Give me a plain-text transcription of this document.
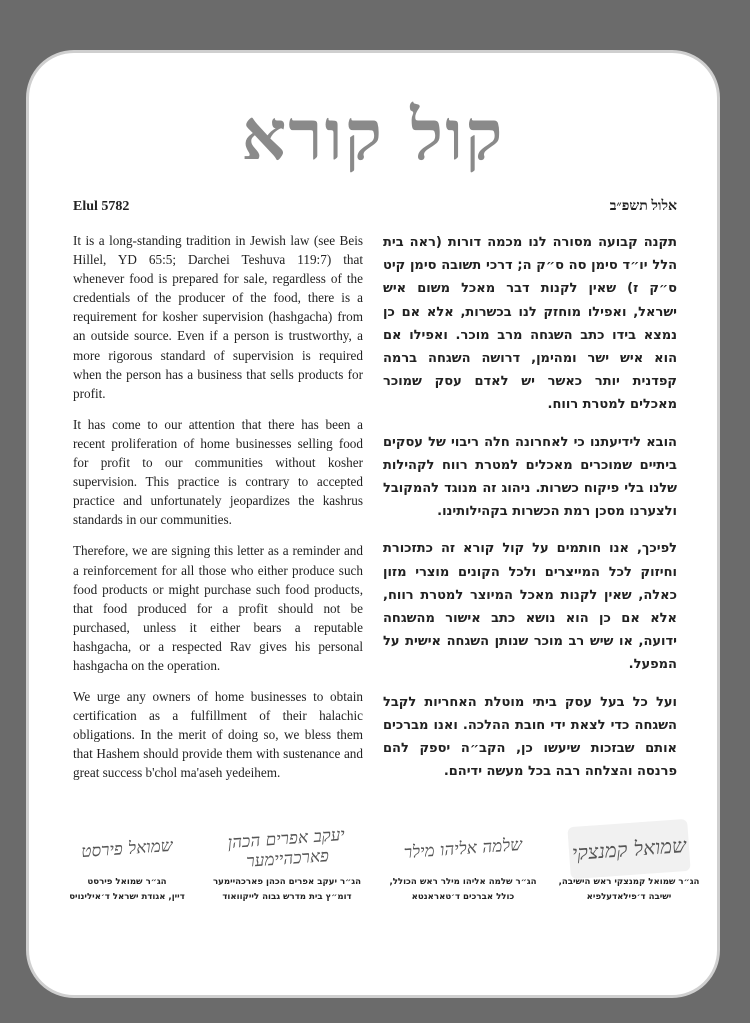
קול קורא
Elul 5782	אלול תשפ״ב

It is a long-standing tradition in Jewish law (see Beis Hillel, YD 65:5; Darchei Teshuva 119:7) that whenever food is prepared for sale, regardless of the credentials of the producer of the food, there is a requirement for kosher supervision (hashgacha) from an outside source. Even if a person is trustworthy, a more rigorous standard of supervision is required when the person has a business that sells products for profit.

It has come to our attention that there has been a recent proliferation of home businesses selling food for profit to our communities without kosher supervision. This practice is contrary to accepted practice and unfortunately jeopardizes the kashrus standards in our communities.

Therefore, we are signing this letter as a reminder and a reinforcement for all those who either produce such food products or might purchase such food products, that food produced for a profit should not be purchased, unless it either bears a reputable hashgacha, or a respected Rav gives his personal hashgacha on the operation.

We urge any owners of home businesses to obtain certification as a fulfillment of their halachic obligations. In the merit of doing so, we bless them that Hashem should provide them with sustenance and great success b'chol ma'aseh yedeihem.

תקנה קבועה מסורה לנו מכמה דורות (ראה בית הלל יו״ד סימן סה ס״ק ה; דרכי תשובה סימן קיט ס״ק ז) שאין לקנות דבר מאכל משום איש ישראל, ואפילו מוחזק לנו בכשרות, אלא אם כן נמצא בידו כתב השגחה מרב מוכר. ואפילו אם הוא איש ישר ומהימן, דרושה השגחה ברמה קפדנית יותר כאשר יש לאדם עסק שמוכר מאכלים למטרת רווח.

הובא לידיעתנו כי לאחרונה חלה ריבוי של עסקים ביתיים שמוכרים מאכלים למטרת רווח לקהילות שלנו בלי פיקוח כשרות. ניהוג זה מנוגד להמקובל ולצערנו מסכן רמת הכשרות בקהילותינו.

לפיכך, אנו חותמים על קול קורא זה כתזכורת וחיזוק לכל המייצרים ולכל הקונים מוצרי מזון כאלה, שאין לקנות מאכל המיוצר למטרת רווח, אלא אם כן הוא נושא כתב אישור מהשגחה ידועה, או שיש רב מוכר שנותן השגחה אישית על המפעל.

ועל כל בעל עסק ביתי מוטלת האחריות לקבל השגחה כדי לצאת ידי חובת ההלכה. ואנו מברכים אותם שבזכות שיעשו כן, הקב״ה יספק להם פרנסה והצלחה רבה בכל מעשה ידיהם.

שמואל קמנצקי
הג״ר שמואל קמנצקי ראש הישיבה,
ישיבה ד׳פילאדעלפיא
שלמה אליהו מילר
הג״ר שלמה אליהו מילר ראש הכולל,
כולל אברכים ד׳טאראנטא
יעקב אפרים הכהן פארכהיימער
הג״ר יעקב אפרים הכהן פארכהיימער
דומ״ץ בית מדרש גבוה לייקוואוד
שמואל פירסט
הג״ר שמואל פירסט
דיין, אגודת ישראל ד׳אילינויס
